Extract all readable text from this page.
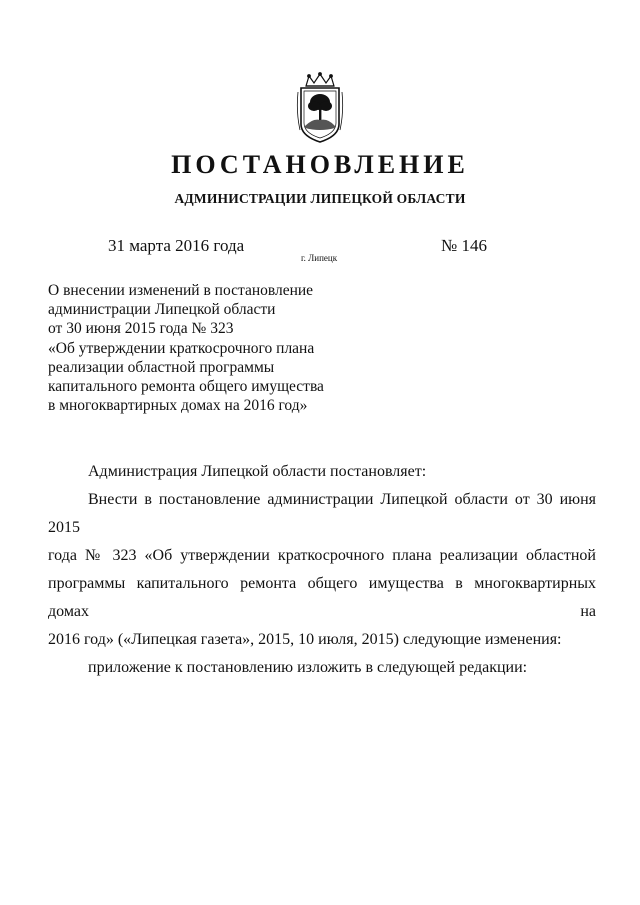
ПОСТАНОВЛЕНИЕ
АДМИНИСТРАЦИИ ЛИПЕЦКОЙ ОБЛАСТИ
31 марта 2016 года
г. Липецк
№ 146
О внесении изменений в постановление
администрации Липецкой области
от 30 июня 2015 года № 323
«Об утверждении краткосрочного плана
реализации областной программы
капитального ремонта общего имущества
в многоквартирных домах на 2016 год»

Администрация Липецкой области постановляет:

Внести в постановление администрации Липецкой области от 30 июня 2015

года № 323 «Об утверждении краткосрочного плана реализации областной

программы капитального ремонта общего имущества в многоквартирных домах на

2016 год» («Липецкая газета», 2015, 10 июля, 2015) следующие изменения:

приложение к постановлению изложить в следующей редакции:
